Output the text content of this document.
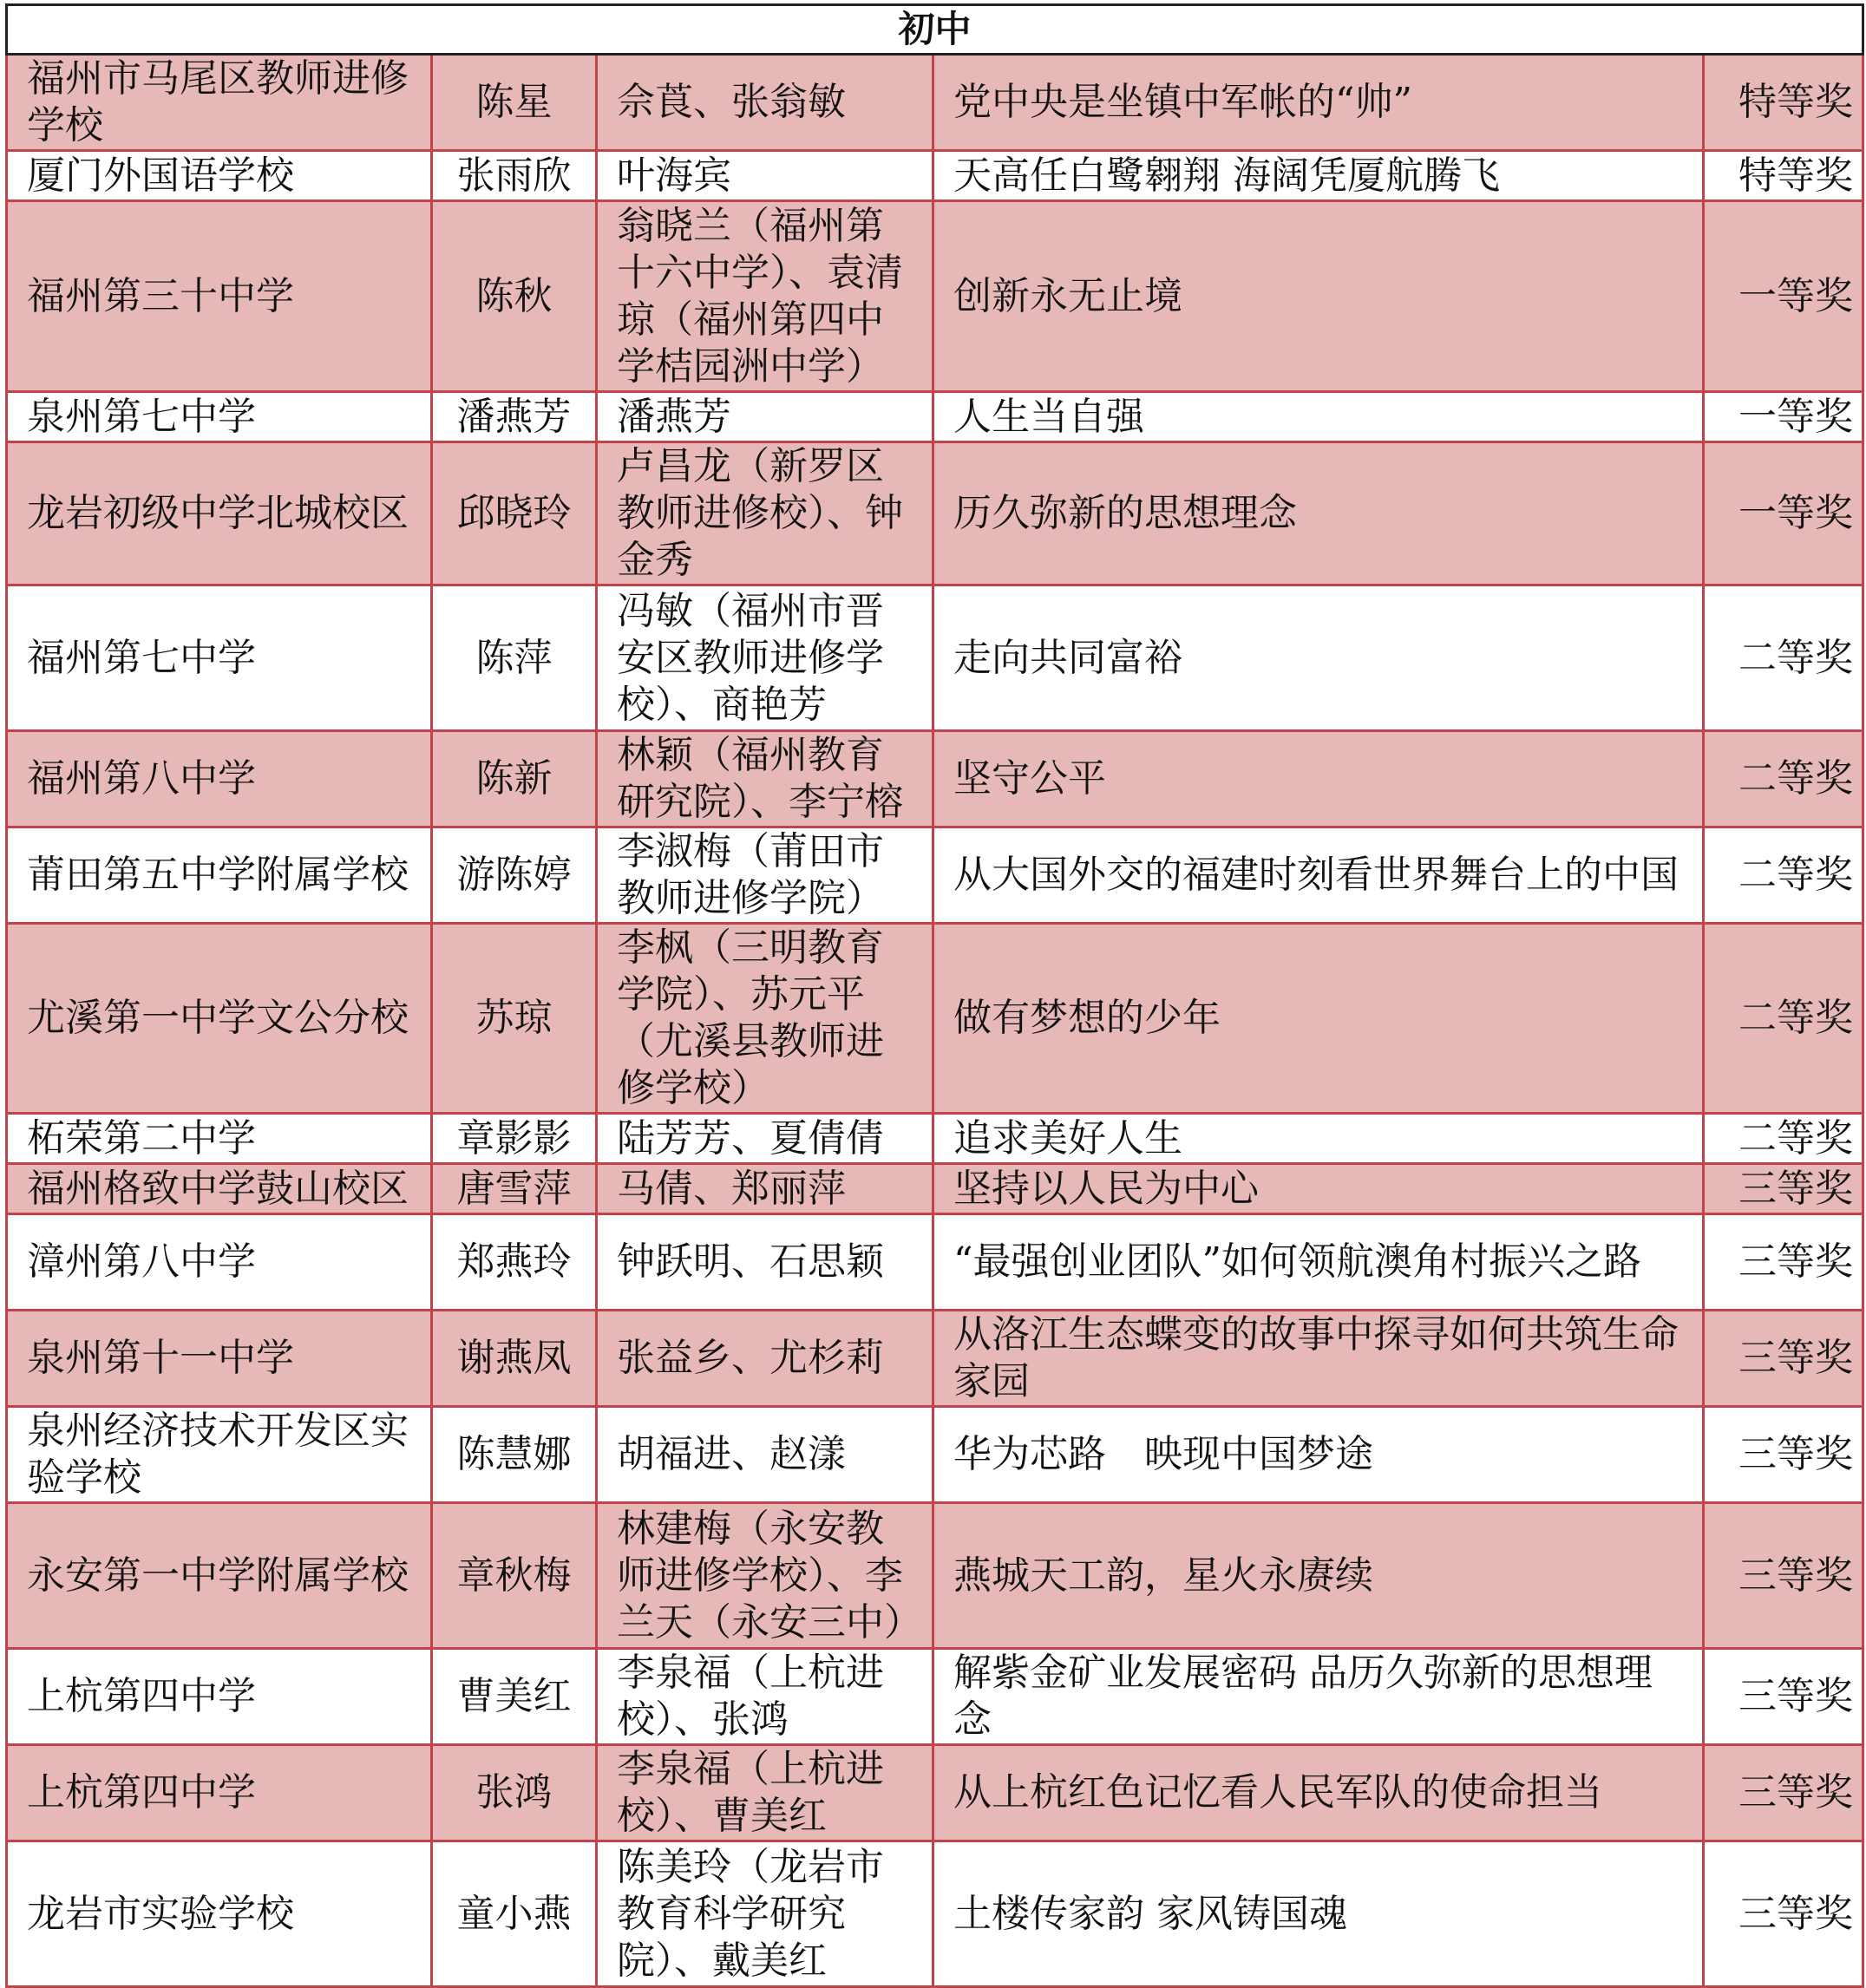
初中				
福州市马尾区教师进修学校	陈星	佘莨、张翁敏	党中央是坐镇中军帐的“帅”	特等奖
厦门外国语学校	张雨欣	叶海宾	天高任白鹭翱翔 海阔凭厦航腾飞	特等奖
福州第三十中学	陈秋	翁晓兰（福州第十六中学）、袁清琼（福州第四中学桔园洲中学）	创新永无止境	一等奖
泉州第七中学	潘燕芳	潘燕芳	人生当自强	一等奖
龙岩初级中学北城校区	邱晓玲	卢昌龙（新罗区教师进修校）、钟金秀	历久弥新的思想理念	一等奖
福州第七中学	陈萍	冯敏（福州市晋安区教师进修学校）、商艳芳	走向共同富裕	二等奖
福州第八中学	陈新	林颖（福州教育研究院）、李宁榕	坚守公平	二等奖
莆田第五中学附属学校	游陈婷	李淑梅（莆田市教师进修学院）	从大国外交的福建时刻看世界舞台上的中国	二等奖
尤溪第一中学文公分校	苏琼	李枫（三明教育学院）、苏元平（尤溪县教师进修学校）	做有梦想的少年	二等奖
柘荣第二中学	章影影	陆芳芳、夏倩倩	追求美好人生	二等奖
福州格致中学鼓山校区	唐雪萍	马倩、郑丽萍	坚持以人民为中心	三等奖
漳州第八中学	郑燕玲	钟跃明、石思颖	“最强创业团队”如何领航澳角村振兴之路	三等奖
泉州第十一中学	谢燕凤	张益乡、尤杉莉	从洛江生态蝶变的故事中探寻如何共筑生命家园	三等奖
泉州经济技术开发区实验学校	陈慧娜	胡福进、赵漾	华为芯路　映现中国梦途	三等奖
永安第一中学附属学校	章秋梅	林建梅（永安教师进修学校）、李兰天（永安三中）	燕城天工韵，星火永赓续	三等奖
上杭第四中学	曹美红	李泉福（上杭进校）、张鸿	解紫金矿业发展密码 品历久弥新的思想理念	三等奖
上杭第四中学	张鸿	李泉福（上杭进校）、曹美红	从上杭红色记忆看人民军队的使命担当	三等奖
龙岩市实验学校	童小燕	陈美玲（龙岩市教育科学研究院）、戴美红	土楼传家韵 家风铸国魂	三等奖
